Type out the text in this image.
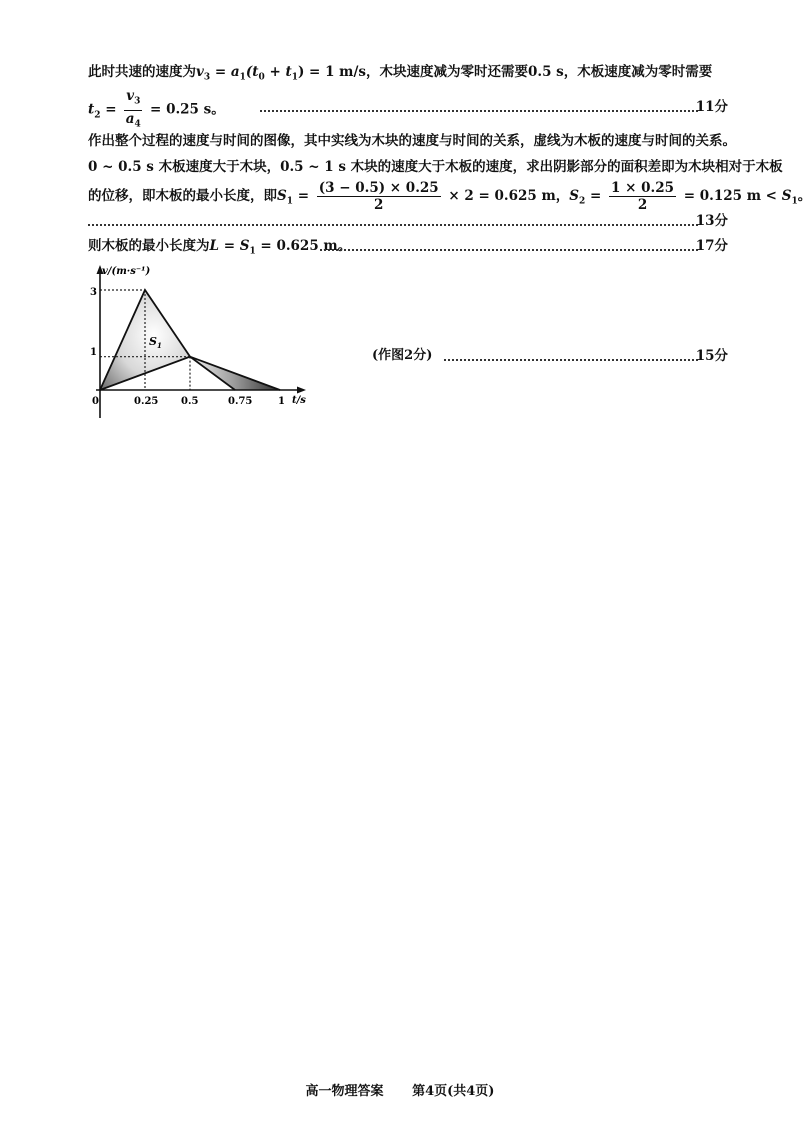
此时共速的速度为$v_3 = a_1(t_0 + t_1) = 1$ m/s，木块速度减为零时还需要0.5 s，木板速度减为零时需要
$t_2 = \frac{v_3}{a_4} = 0.25$ s。	11分
作出整个过程的速度与时间的图像，其中实线为木块的速度与时间的关系，虚线为木板的速度与时间的关系。
0 ~ 0.5 s 木板速度大于木块，0.5 ~ 1 s 木块的速度大于木板的速度，求出阴影部分的面积差即为木块相对于木板
的位移，即木板的最小长度，即$S_1 = \frac{(3 - 0.5) \times 0.25}{2} \times 2 = 0.625$ m，$S_2 = \frac{1 \times 0.25}{2} = 0.125$ $m < S_1$。
13分
则木板的最小长度为$L = S_1 = 0.625$ m。	17分
v/(m·s⁻¹)
t/s
3
1
0	0.25 0.5	0.75	1
$S_1$
(作图2分)	15分
高一物理答案 第4页(共4页)
